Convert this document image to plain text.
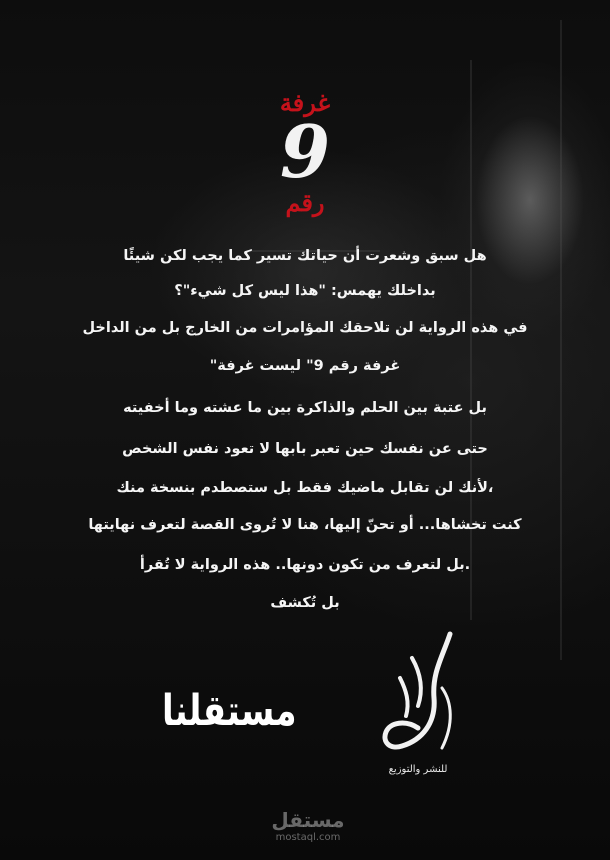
غرفة
9
رقم

هل سبق وشعرت أن حياتك تسير كما يجب لكن شيئًا

بداخلك يهمس: "هذا ليس كل شيء"؟

في هذه الرواية لن تلاحقك المؤامرات من الخارج بل من الداخل

غرفة رقم 9" ليست غرفة"

بل عتبة بين الحلم والذاكرة بين ما عشته وما أخفيته

حتى عن نفسك حين تعبر بابها لا تعود نفس الشخص

،لأنك لن تقابل ماضيك فقط بل ستصطدم بنسخة منك

كنت تخشاها... أو تحنّ إليها، هنا لا تُروى القصة لتعرف نهايتها

.بل لتعرف من تكون دونها.. هذه الرواية لا تُقرأ

بل تُكشف

مستقلنا
للنشر والتوزيع
مستقل
mostaql.com
